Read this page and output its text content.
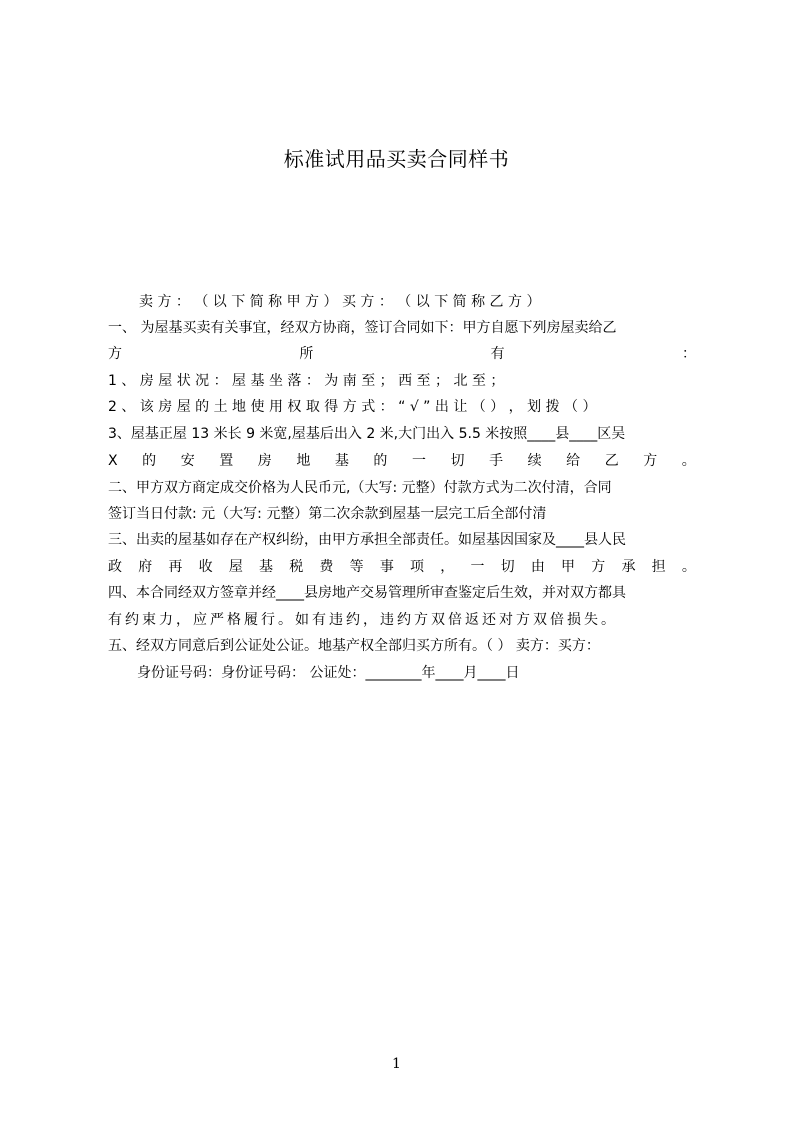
标准试用品买卖合同样书
卖 方 ： （ 以 下 简 称 甲 方 ） 买 方 ： （ 以 下 简 称 乙 方 ）
一、 为屋基买卖有关事宜，经双方协商，签订合同如下：甲方自愿下列房屋卖给乙
方	所	有	：
1 、 房 屋 状 况 ： 屋 基 坐 落 ： 为 南 至 ； 西 至 ； 北 至 ；
2 、 该 房 屋 的 土 地 使 用 权 取 得 方 式 ： “ √ ” 出 让 （ ） ， 划 拨 （ ）
3、屋基正屋 13 米长 9 米宽,屋基后出入 2 米,大门出入 5.5 米按照____县____区吴
X 的 安 置 房 地 基 的 一 切 手 续 给 乙 方 。
二、甲方双方商定成交价格为人民币元,（大写: 元整）付款方式为二次付清，合同
签订当日付款: 元（大写: 元整）第二次余款到屋基一层完工后全部付清
三、出卖的屋基如存在产权纠纷，由甲方承担全部责任。如屋基因国家及____县人民
政 府 再 收 屋 基 税 费 等 事 项 ， 一 切 由 甲 方 承 担 。
四、本合同经双方签章并经____县房地产交易管理所审查鉴定后生效，并对双方都具
有约束力，应严格履行。如有违约，违约方双倍返还对方双倍损失。
五、经双方同意后到公证处公证。地基产权全部归买方所有。（ ） 卖方：买方：
身份证号码：身份证号码： 公证处：________年____月____日
1
